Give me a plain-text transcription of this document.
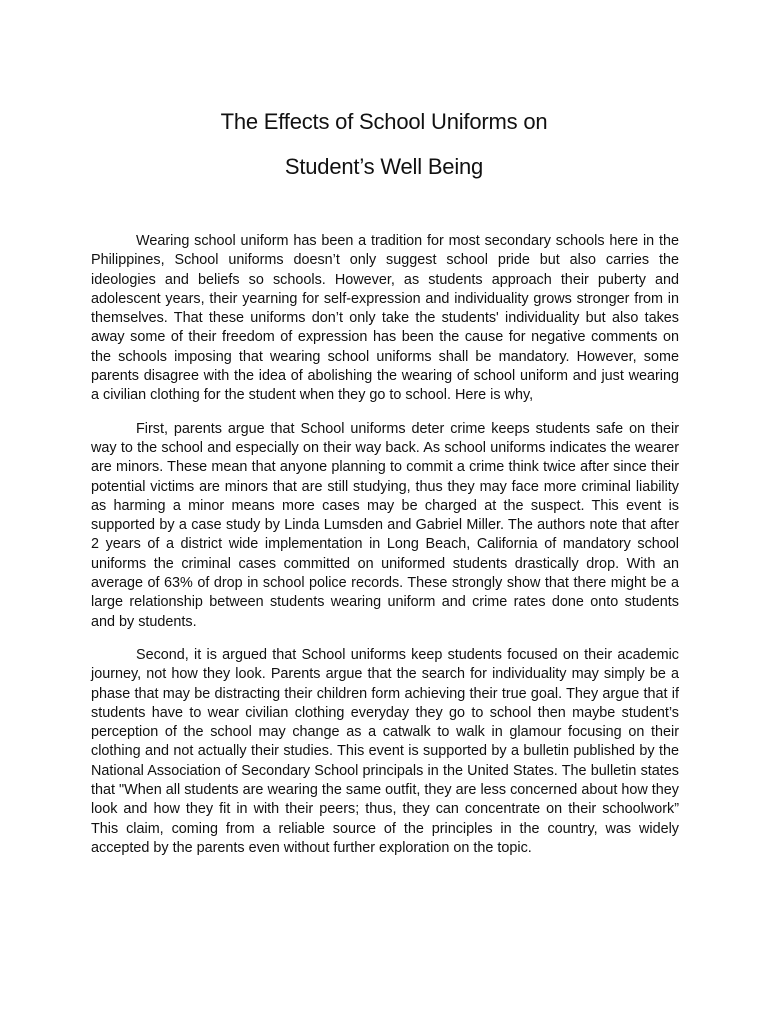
The Effects of School Uniforms on
Student’s Well Being

Wearing school uniform has been a tradition for most secondary schools here in the Philippines, School uniforms doesn’t only suggest school pride but also carries the ideologies and beliefs so schools. However, as students approach their puberty and adolescent years, their yearning for self-expression and individuality grows stronger from in themselves. That these uniforms don’t only take the students' individuality but also takes away some of their freedom of expression has been the cause for negative comments on the schools imposing that wearing school uniforms shall be mandatory. However, some parents disagree with the idea of abolishing the wearing of school uniform and just wearing a civilian clothing for the student when they go to school. Here is why,

First, parents argue that School uniforms deter crime keeps students safe on their way to the school and especially on their way back. As school uniforms indicates the wearer are minors. These mean that anyone planning to commit a crime think twice after since their potential victims are minors that are still studying, thus they may face more criminal liability as harming a minor means more cases may be charged at the suspect. This event is supported by a case study by Linda Lumsden and Gabriel Miller. The authors note that after 2 years of a district wide implementation in Long Beach, California of mandatory school uniforms the criminal cases committed on uniformed students drastically drop. With an average of 63% of drop in school police records. These strongly show that there might be a large relationship between students wearing uniform and crime rates done onto students and by students.

Second, it is argued that School uniforms keep students focused on their academic journey, not how they look. Parents argue that the search for individuality may simply be a phase that may be distracting their children form achieving their true goal. They argue that if students have to wear civilian clothing everyday they go to school then maybe student’s perception of the school may change as a catwalk to walk in glamour focusing on their clothing and not actually their studies. This event is supported by a bulletin published by the National Association of Secondary School principals in the United States. The bulletin states that "When all students are wearing the same outfit, they are less concerned about how they look and how they fit in with their peers; thus, they can concentrate on their schoolwork” This claim, coming from a reliable source of the principles in the country, was widely accepted by the parents even without further exploration on the topic.
